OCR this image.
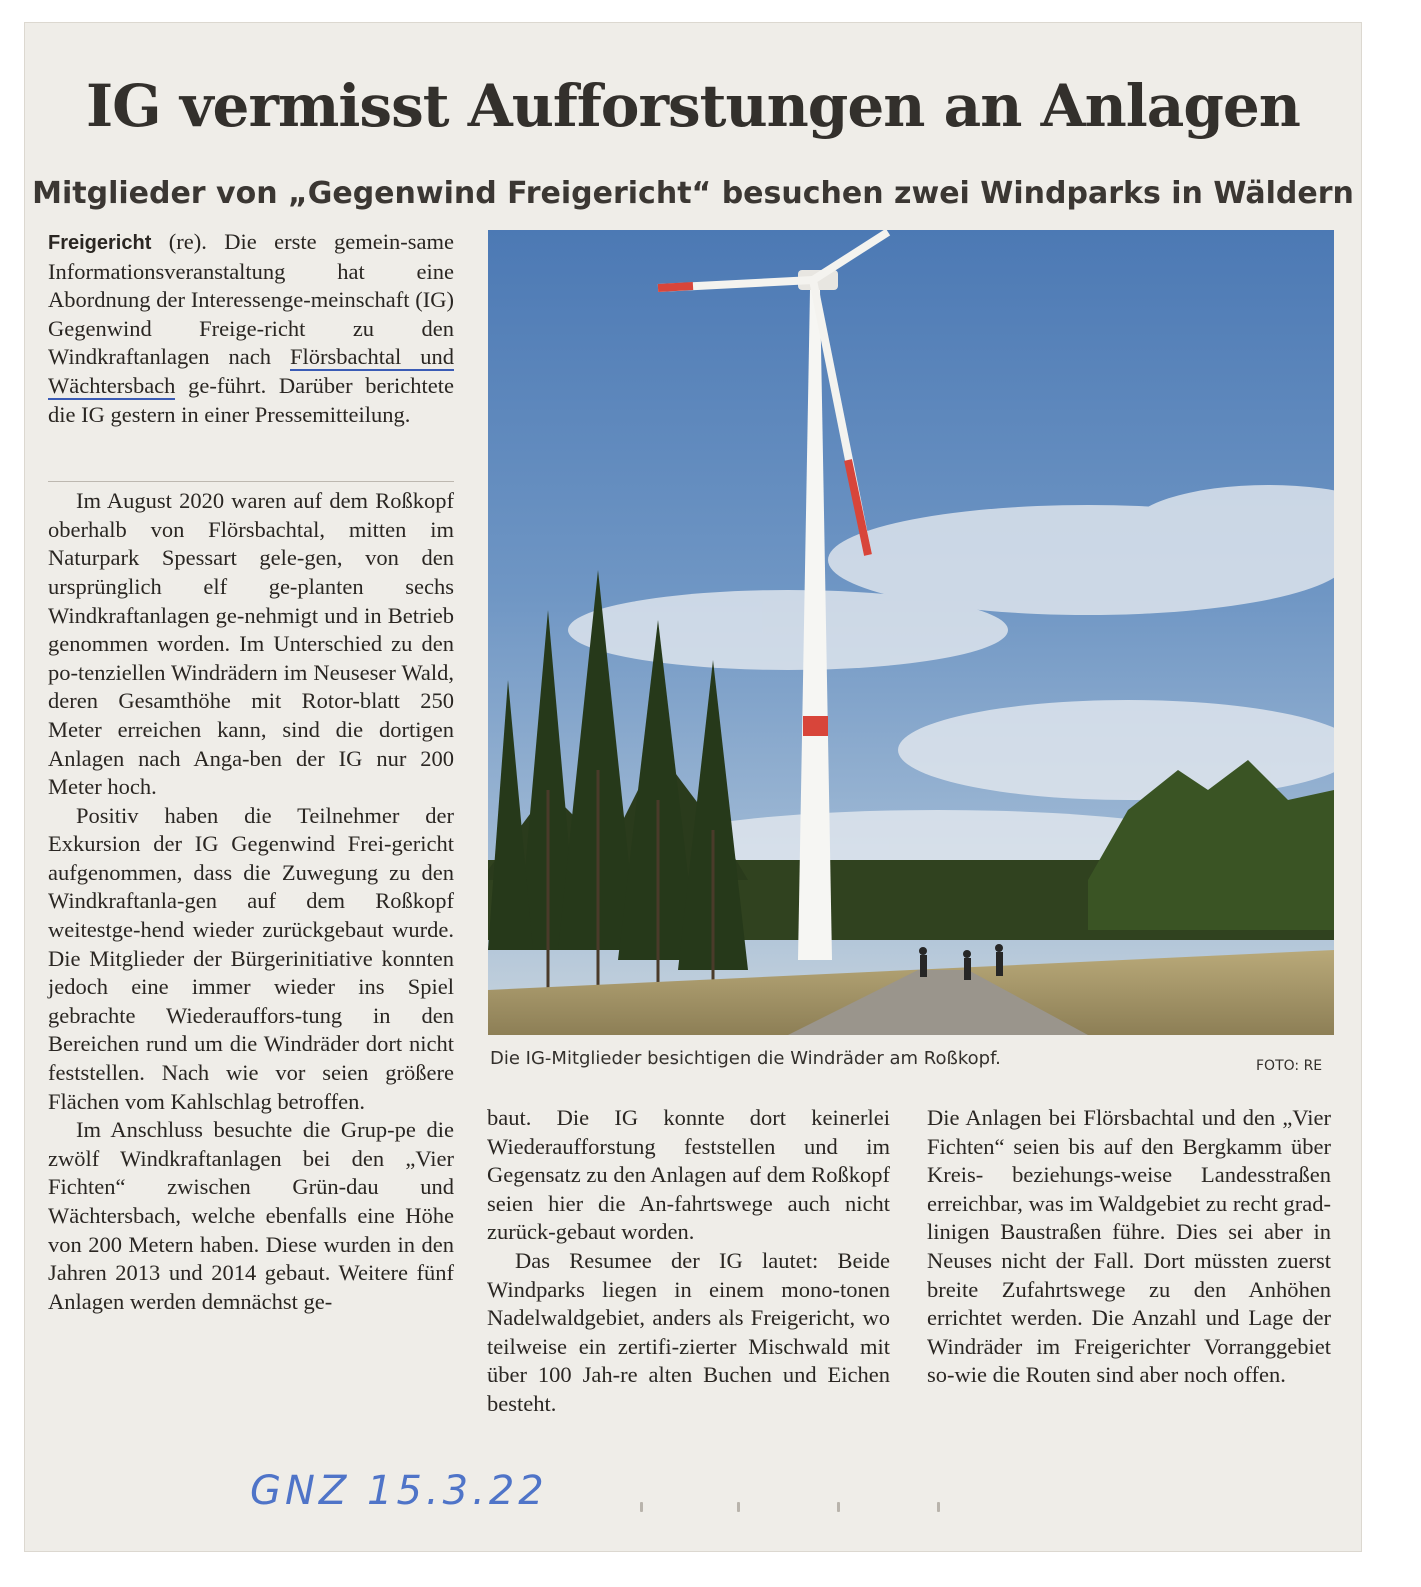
IG vermisst Aufforstungen an Anlagen
Mitglieder von „Gegenwind Freigericht“ besuchen zwei Windparks in Wäldern

Freigericht (re). Die erste gemein-same Informationsveranstaltung hat eine Abordnung der Interessenge-meinschaft (IG) Gegenwind Freige-richt zu den Windkraftanlagen nach Flörsbachtal und Wächtersbach ge-führt. Darüber berichtete die IG gestern in einer Pressemitteilung.

Im August 2020 waren auf dem Roßkopf oberhalb von Flörsbachtal, mitten im Naturpark Spessart gele-gen, von den ursprünglich elf ge-planten sechs Windkraftanlagen ge-nehmigt und in Betrieb genommen worden. Im Unterschied zu den po-tenziellen Windrädern im Neuseser Wald, deren Gesamthöhe mit Rotor-blatt 250 Meter erreichen kann, sind die dortigen Anlagen nach Anga-ben der IG nur 200 Meter hoch.

Positiv haben die Teilnehmer der Exkursion der IG Gegenwind Frei-gericht aufgenommen, dass die Zuwegung zu den Windkraftanla-gen auf dem Roßkopf weitestge-hend wieder zurückgebaut wurde. Die Mitglieder der Bürgerinitiative konnten jedoch eine immer wieder ins Spiel gebrachte Wiederauffors-tung in den Bereichen rund um die Windräder dort nicht feststellen. Nach wie vor seien größere Flächen vom Kahlschlag betroffen.

Im Anschluss besuchte die Grup-pe die zwölf Windkraftanlagen bei den „Vier Fichten“ zwischen Grün-dau und Wächtersbach, welche ebenfalls eine Höhe von 200 Metern haben. Diese wurden in den Jahren 2013 und 2014 gebaut. Weitere fünf Anlagen werden demnächst ge-

Die IG-Mitglieder besichtigen die Windräder am Roßkopf.	FOTO: RE

baut. Die IG konnte dort keinerlei Wiederaufforstung feststellen und im Gegensatz zu den Anlagen auf dem Roßkopf seien hier die An-fahrtswege auch nicht zurück-gebaut worden.

Das Resumee der IG lautet: Beide Windparks liegen in einem mono-tonen Nadelwaldgebiet, anders als Freigericht, wo teilweise ein zertifi-zierter Mischwald mit über 100 Jah-re alten Buchen und Eichen besteht.

Die Anlagen bei Flörsbachtal und den „Vier Fichten“ seien bis auf den Bergkamm über Kreis- beziehungs-weise Landesstraßen erreichbar, was im Waldgebiet zu recht grad-linigen Baustraßen führe. Dies sei aber in Neuses nicht der Fall. Dort müssten zuerst breite Zufahrtswege zu den Anhöhen errichtet werden. Die Anzahl und Lage der Windräder im Freigerichter Vorranggebiet so-wie die Routen sind aber noch offen.

GNZ 15.3.22
